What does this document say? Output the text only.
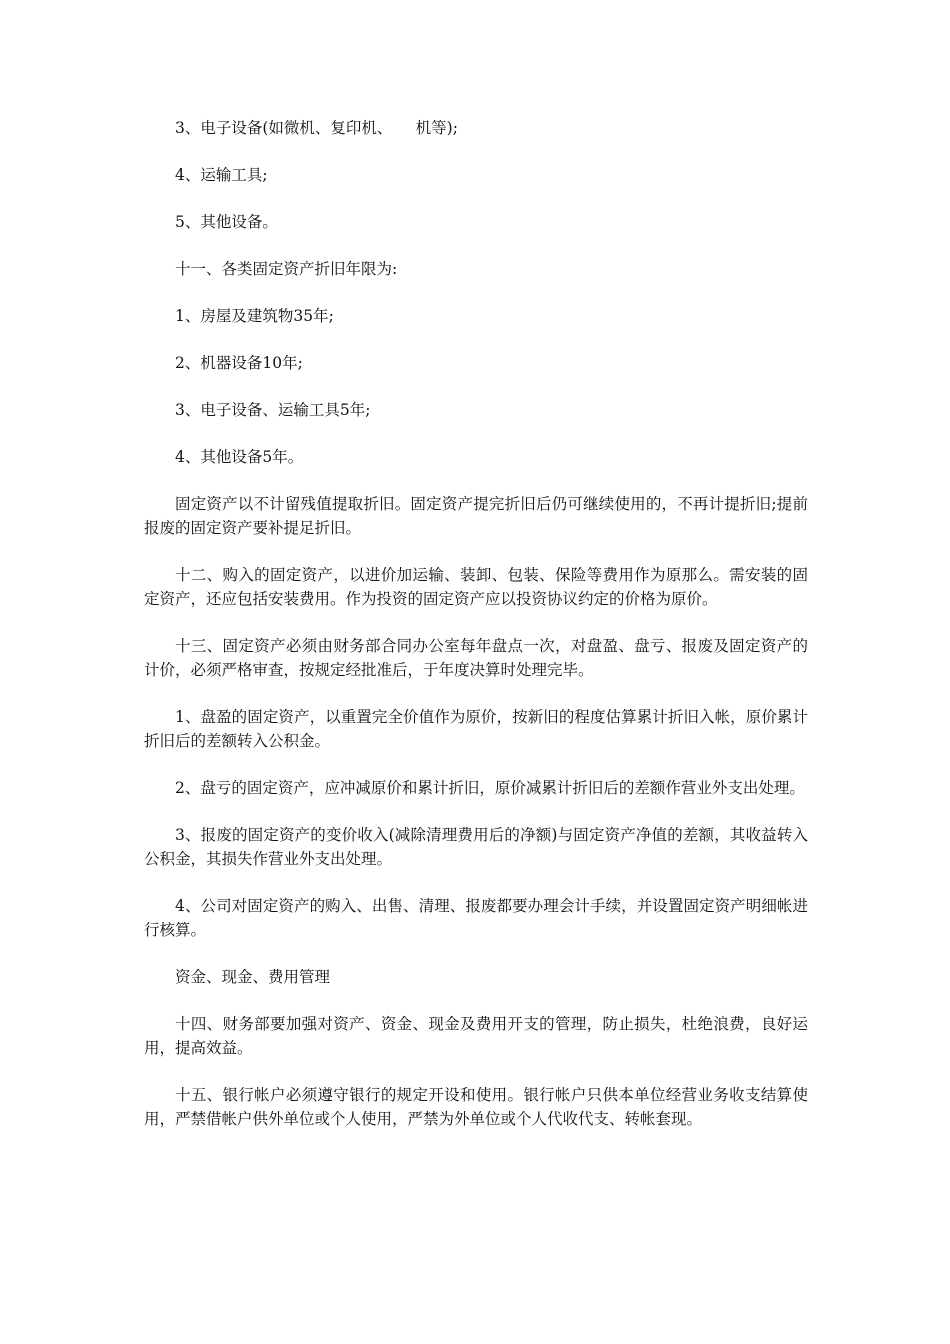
3、电子设备(如微机、复印机、　　机等);

4、运输工具;

5、其他设备。

十一、各类固定资产折旧年限为:

1、房屋及建筑物35年;

2、机器设备10年;

3、电子设备、运输工具5年;

4、其他设备5年。

固定资产以不计留残值提取折旧。固定资产提完折旧后仍可继续使用的，不再计提折旧;提前报废的固定资产要补提足折旧。

十二、购入的固定资产，以进价加运输、装卸、包装、保险等费用作为原那么。需安装的固定资产，还应包括安装费用。作为投资的固定资产应以投资协议约定的价格为原价。

十三、固定资产必须由财务部合同办公室每年盘点一次，对盘盈、盘亏、报废及固定资产的计价，必须严格审查，按规定经批准后，于年度决算时处理完毕。

1、盘盈的固定资产，以重置完全价值作为原价，按新旧的程度估算累计折旧入帐，原价累计折旧后的差额转入公积金。

2、盘亏的固定资产，应冲减原价和累计折旧，原价减累计折旧后的差额作营业外支出处理。

3、报废的固定资产的变价收入(减除清理费用后的净额)与固定资产净值的差额，其收益转入公积金，其损失作营业外支出处理。

4、公司对固定资产的购入、出售、清理、报废都要办理会计手续，并设置固定资产明细帐进行核算。

资金、现金、费用管理

十四、财务部要加强对资产、资金、现金及费用开支的管理，防止损失，杜绝浪费，良好运用，提高效益。

十五、银行帐户必须遵守银行的规定开设和使用。银行帐户只供本单位经营业务收支结算使用，严禁借帐户供外单位或个人使用，严禁为外单位或个人代收代支、转帐套现。
